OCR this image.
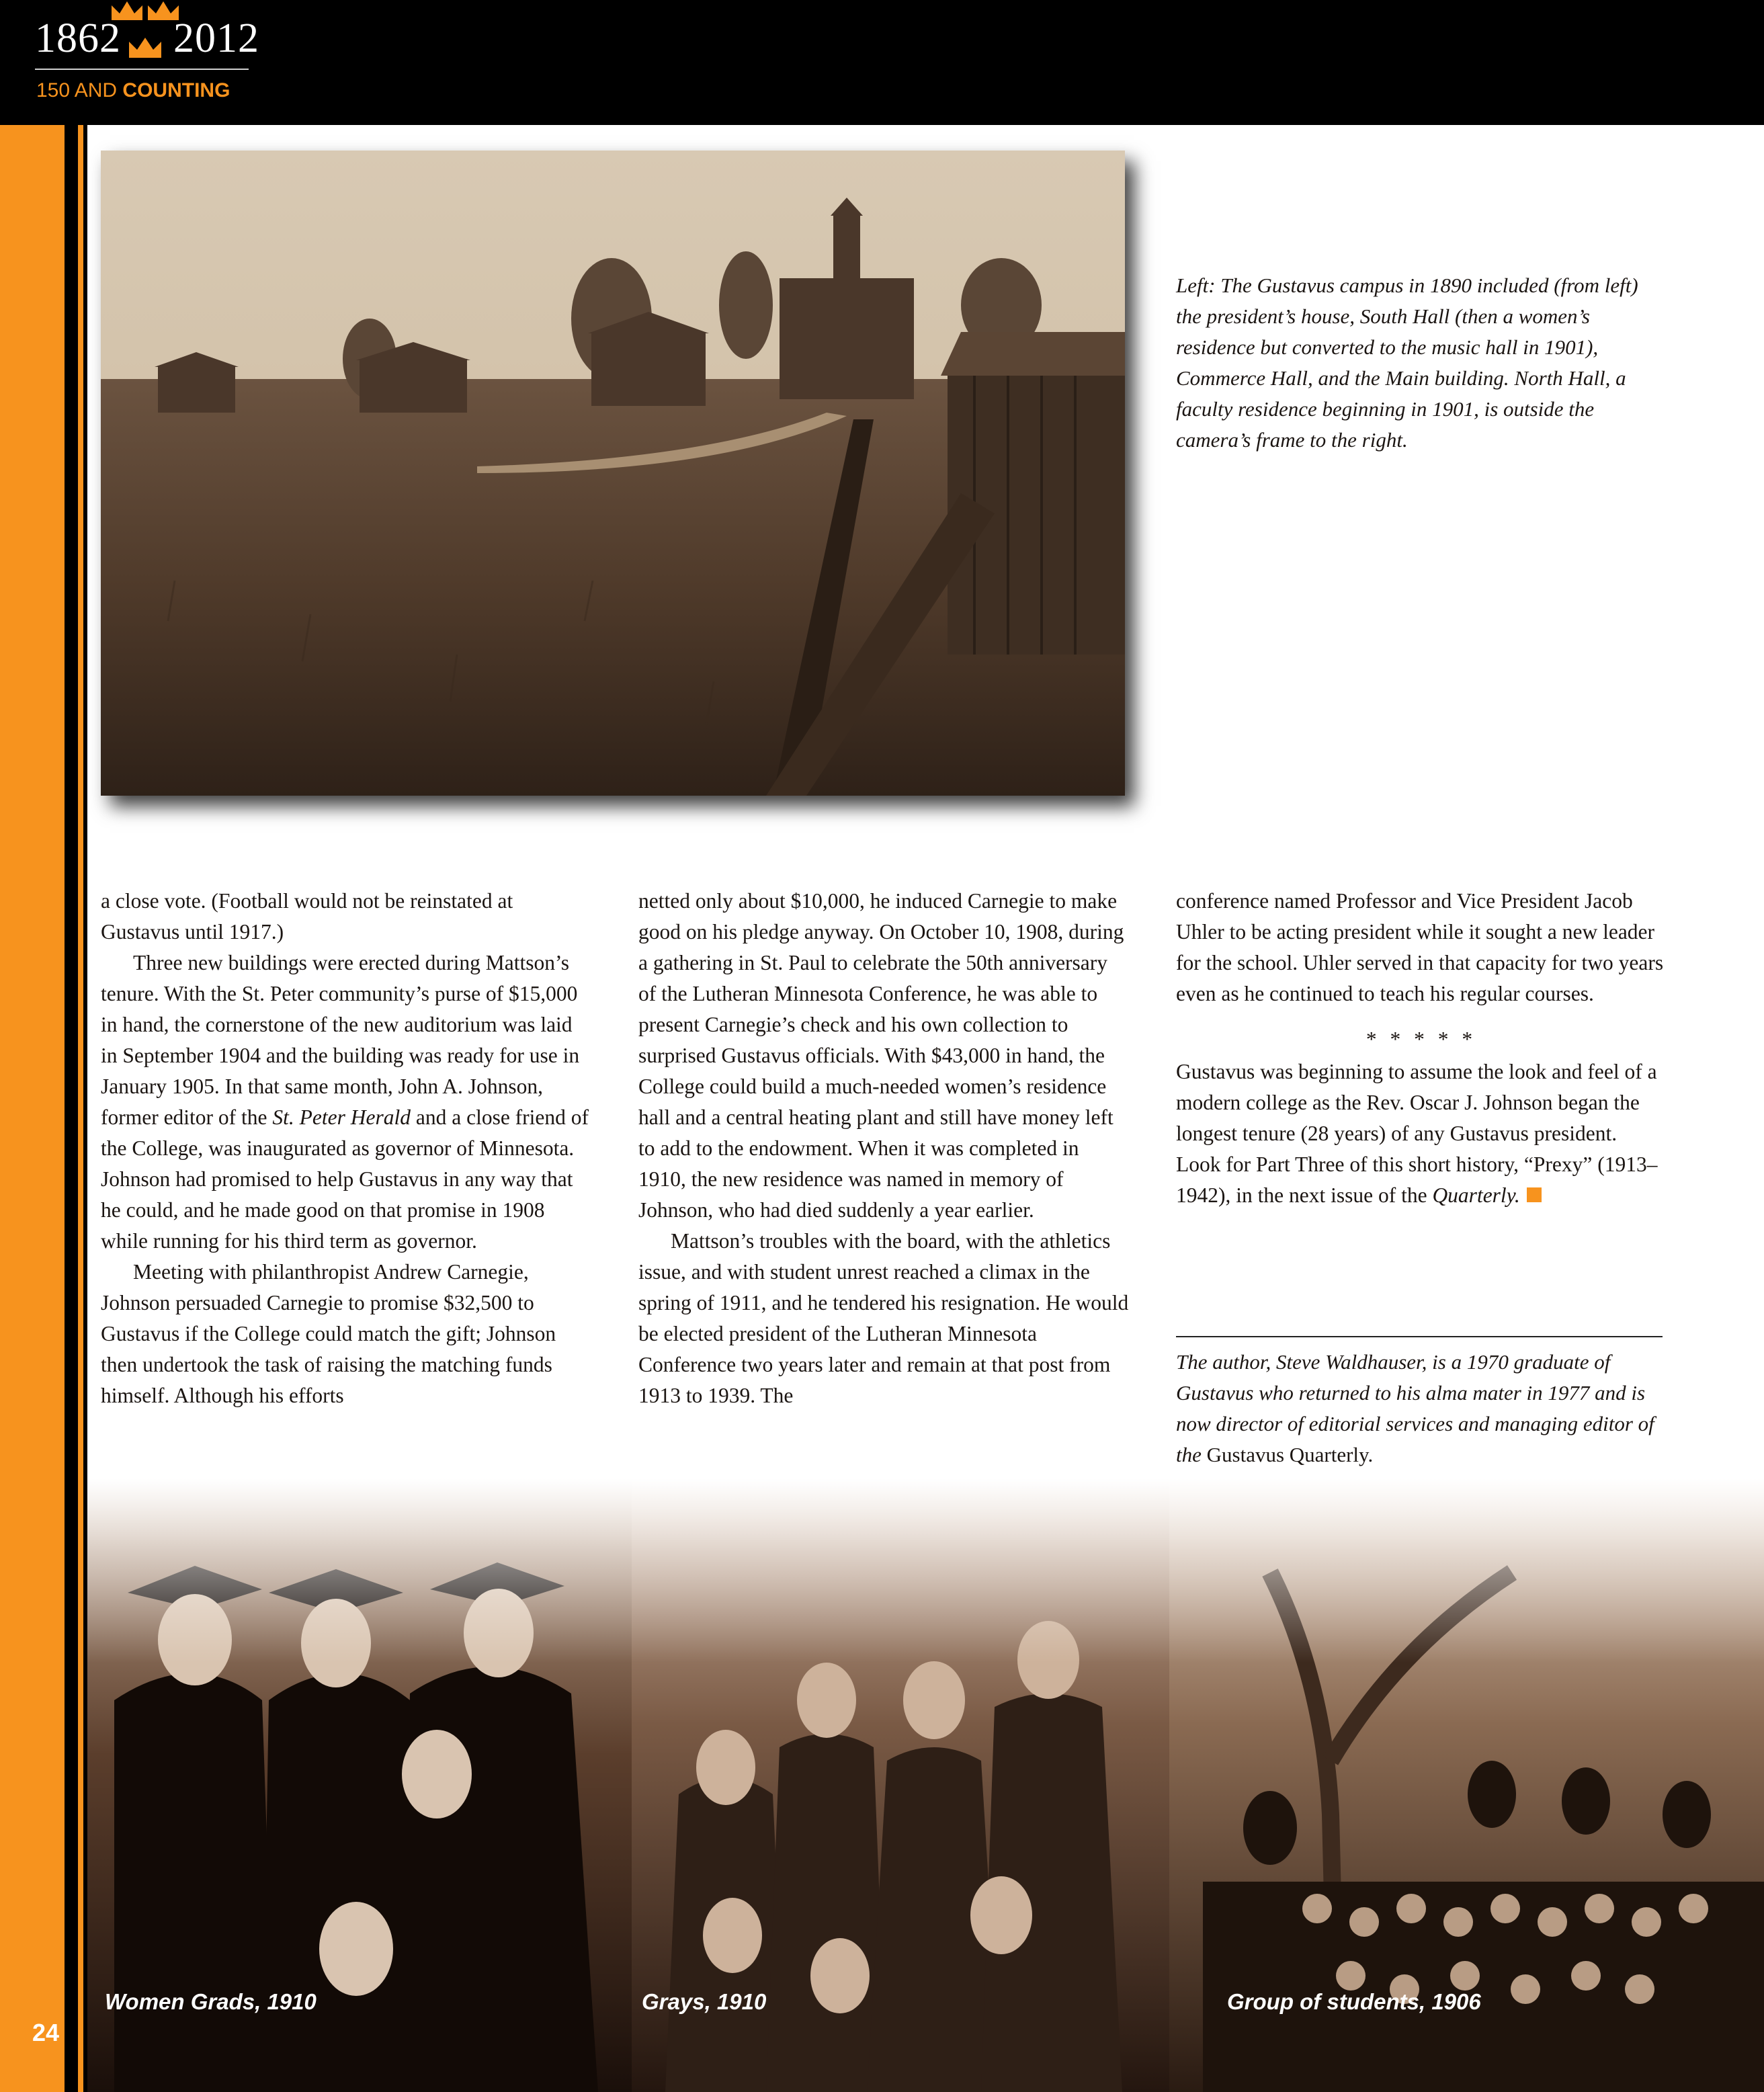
1862 2012
150 AND COUNTING
24
Left: The Gustavus campus in 1890 included (from left) the president’s house, South Hall (then a women’s residence but converted to the music hall in 1901), Commerce Hall, and the Main building. North Hall, a faculty residence beginning in 1901, is outside the camera’s frame to the right.

a close vote. (Football would not be reinstated at Gustavus until 1917.)

Three new buildings were erected during Mattson’s tenure. With the St. Peter community’s purse of $15,000 in hand, the cornerstone of the new auditorium was laid in September 1904 and the building was ready for use in January 1905. In that same month, John A. Johnson, former editor of the St. Peter Herald and a close friend of the College, was inaugurated as governor of Minnesota. Johnson had promised to help Gustavus in any way that he could, and he made good on that promise in 1908 while running for his third term as governor.

Meeting with philanthropist Andrew Carnegie, Johnson persuaded Carnegie to promise $32,500 to Gustavus if the College could match the gift; Johnson then undertook the task of raising the matching funds himself. Although his efforts

netted only about $10,000, he induced Carnegie to make good on his pledge anyway. On October 10, 1908, during a gathering in St. Paul to celebrate the 50th anniversary of the Lutheran Minnesota Conference, he was able to present Carnegie’s check and his own collection to surprised Gustavus officials. With $43,000 in hand, the College could build a much-needed women’s residence hall and a central heating plant and still have money left to add to the endowment. When it was completed in 1910, the new residence was named in memory of Johnson, who had died suddenly a year earlier.

Mattson’s troubles with the board, with the athletics issue, and with student unrest reached a climax in the spring of 1911, and he tendered his resignation. He would be elected president of the Lutheran Minnesota Conference two years later and remain at that post from 1913 to 1939. The

conference named Professor and Vice President Jacob Uhler to be acting president while it sought a new leader for the school. Uhler served in that capacity for two years even as he continued to teach his regular courses.

* * * * *

Gustavus was beginning to assume the look and feel of a modern college as the Rev. Oscar J. Johnson began the longest tenure (28 years) of any Gustavus president. Look for Part Three of this short history, “Prexy” (1913–1942), in the next issue of the Quarterly.

The author, Steve Waldhauser, is a 1970 graduate of Gustavus who returned to his alma mater in 1977 and is now director of editorial services and managing editor of the Gustavus Quarterly.
Women Grads, 1910	Grays, 1910	Group of students, 1906
